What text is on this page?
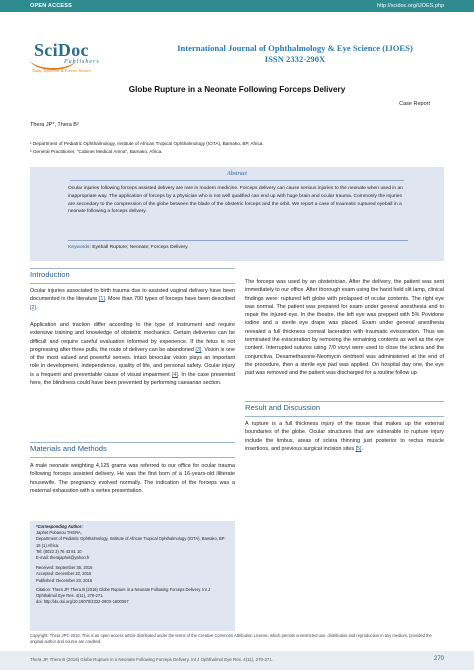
OPEN ACCESS	http://scidoc.org/IJOES.php
SciDoc
Publishers
Today, Tomorrow & Forever Science
International Journal of Ophthalmology & Eye Science (IJOES)
ISSN 2332-290X
Globe Rupture in a Neonate Following Forceps Delivery
Case Report
Thera JP*, Thera B²
¹ Department of Pediatric Ophthalmology, Institute of African Tropical Ophthalmology (IOTA), Bamako, BP, Africa.
² General Practitioner, "Cabinet Medical Amna", Bamako, Africa.
Abstract
Ocular injuries following forceps assisted delivery are rare in modern medicine. Forceps delivery can cause serious injuries to the neonate when used in an inappropriate way. The application of forceps by a physician who is not well qualified can end up with huge brain and ocular trauma. Commonly the injuries are secondary to the compression of the globe between the blade of the obstetric forceps and the orbit. We report a case of traumatic ruptured eyeball in a neonate following a forceps delivery.
Keywords: Eyeball Rupture; Neonate; Forceps Delivery.
Introduction
Ocular injuries associated to birth trauma due to assisted vaginal delivery have been documented in the literature [1]. More than 700 types of forceps have been described [2].
Application and traction differ according to the type of instrument and require extensive training and knowledge of obstetric mechanics. Certain deliveries can be difficult and require careful evaluation informed by experience. If the fetus is not progressing after three pulls, the route of delivery can be abandoned [3]. Vision is one of the most valued and powerful senses. Intact binocular vision plays an important role in development, independence, quality of life, and personal safety. Ocular injury is a frequent and preventable cause of visual impairment [4]. In the case presented here, the blindness could have been prevented by performing caesarian section.
Materials and Methods
A male neonate weighting 4,125 grams was referred to our office for ocular trauma following forceps assisted delivery. He was the first born of a 16-years-old illiterate housewife. The pregnancy evolved normally. The indication of the forceps was a maternal exhaustion with a vertex presentation.
The forceps was used by an obstetrician. After the delivery, the patient was sent immediately to our office. After thorough exam using the hand held slit lamp, clinical findings were: ruptured left globe with prolapsed of ocular contents. The right eye was normal. The patient was prepared for exam under general anesthesia and to repair the injured eye. In the theatre, the left eye was prepped with 5% Povidone iodine and a sterile eye drape was placed. Exam under general anesthesia revealed a full thickness corneal laceration with traumatic evisceration. Thus we terminated the evisceration by removing the remaining contents as well as the eye content. Interrupted sutures using 7/0 vicryl were used to close the sclera and the conjunctiva. Dexamethasone-Neomycin ointment was administered at the end of the procedure, then a sterile eye pad was applied. On hospital day one, the eye pad was removed and the patient was discharged for a routine follow up.
Result and Discussion
A rupture is a full thickness injury of the tissue that makes up the external boundaries of the globe. Ocular structures that are vulnerable to rupture injury include the limbus, areas of sclera thinning just posterior to rectus muscle insertions, and previous surgical incision sites [5].
*Corresponding Author:
Japhet Pobanou THERA,
Department of Pediatric Ophthalmology, Institute of African Tropical Ophthalmology (IOTA), Bamako, BP: 15 (1) Africa.
Tel: (0022 3) 76 43 81 10
E-mail: therajaphet@yahoo.fr
Received: September 30, 2016
Accepted: December 22, 2016
Published: December 23, 2016
Citation: Thera JP, Thera B (2016) Globe Rupture in a Neonate Following Forceps Delivery. Int J Ophthalmol Eye Res. 4(11), 270-271.
doi: http://dx.doi.org/10.19070/2332-290X-1600057
Copyright: Thera JP© 2016. This is an open-access article distributed under the terms of the Creative Commons Attribution License, which permits unrestricted use, distribution and reproduction in any medium, provided the original author and source are credited.
Thera JP, Thera B (2016) Globe Rupture in a Neonate Following Forceps Delivery. Int J Ophthalmol Eye Res. 4(11), 270-271.	270
